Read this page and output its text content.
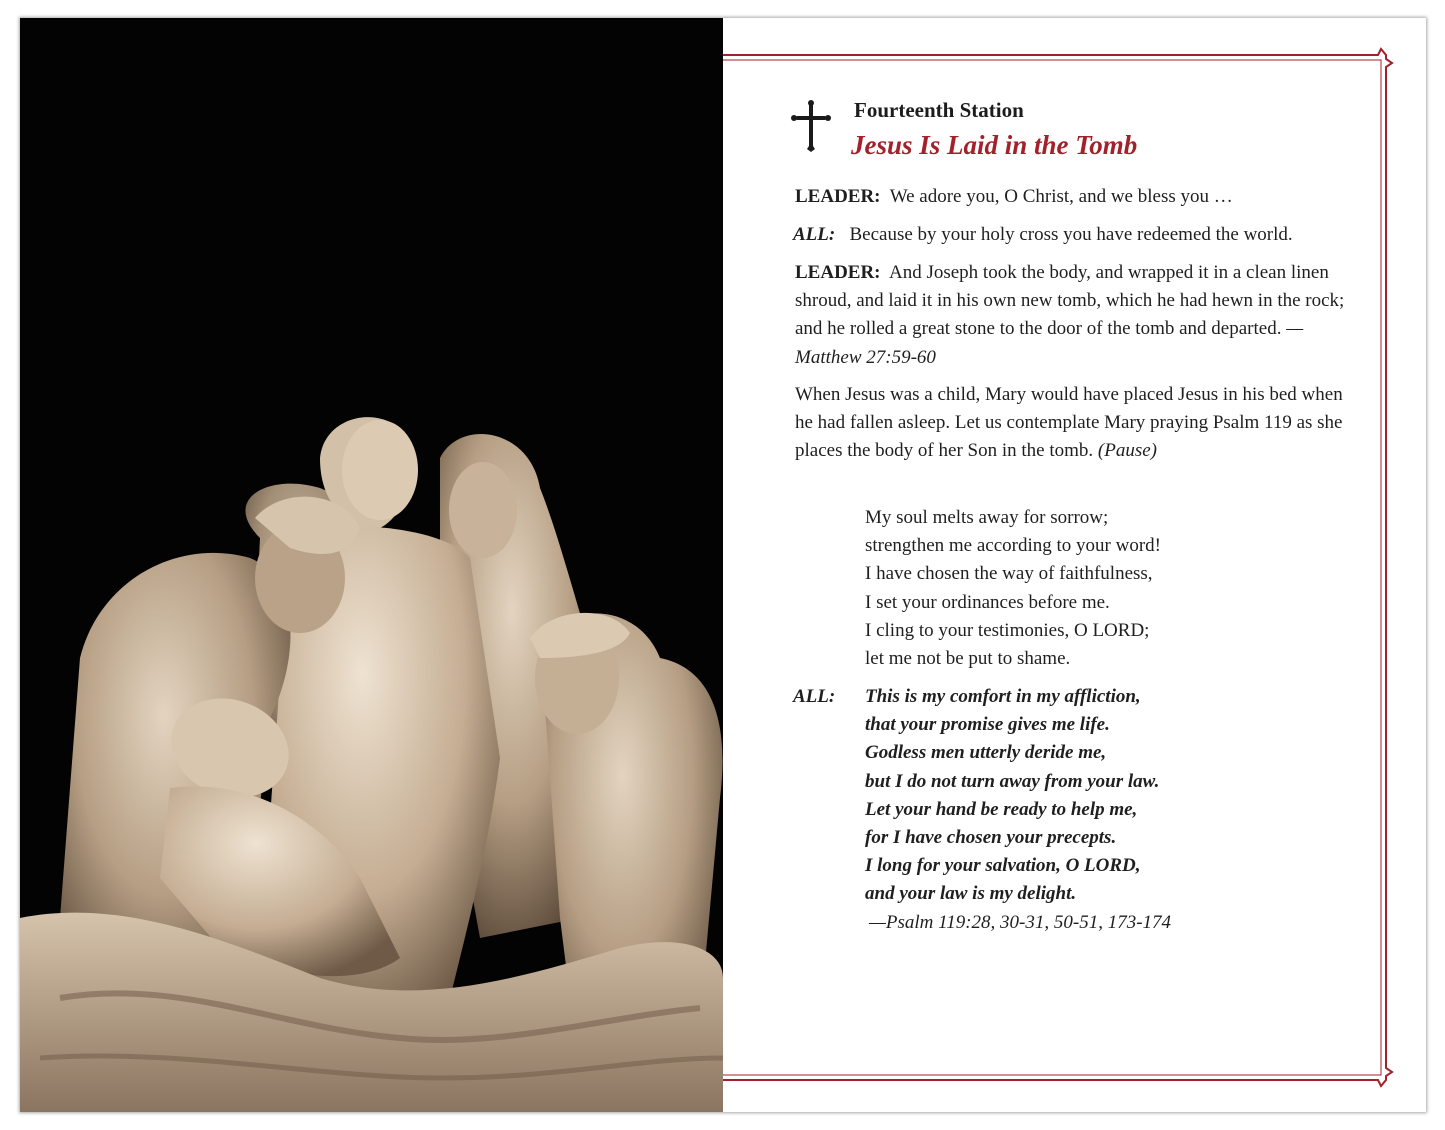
Fourteenth Station
Jesus Is Laid in the Tomb
LEADER: We adore you, O Christ, and we bless you …
ALL: Because by your holy cross you have redeemed the world.
LEADER: And Joseph took the body, and wrapped it in a clean linen shroud, and laid it in his own new tomb, which he had hewn in the rock; and he rolled a great stone to the door of the tomb and departed. —Matthew 27:59-60
When Jesus was a child, Mary would have placed Jesus in his bed when he had fallen asleep. Let us contemplate Mary praying Psalm 119 as she places the body of her Son in the tomb. (Pause)
My soul melts away for sorrow;
strengthen me according to your word!
I have chosen the way of faithfulness,
I set your ordinances before me.
I cling to your testimonies, O LORD;
let me not be put to shame.
ALL: This is my comfort in my affliction,
that your promise gives me life.
Godless men utterly deride me,
but I do not turn away from your law.
Let your hand be ready to help me,
for I have chosen your precepts.
I long for your salvation, O LORD,
and your law is my delight.
—Psalm 119:28, 30-31, 50-51, 173-174
